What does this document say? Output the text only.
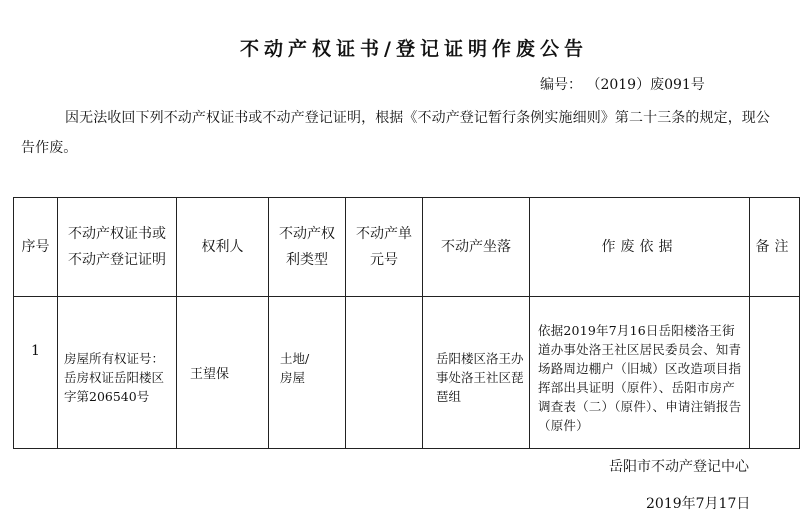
不动产权证书/登记证明作废公告
编号： （2019）废091号
因无法收回下列不动产权证书或不动产登记证明，根据《不动产登记暂行条例实施细则》第二十三条的规定，现公告作废。
序号	不动产权证书或不动产登记证明	权利人	不动产权利类型	不动产单元号	不动产坐落	作废依据	备注
1	房屋所有权证号：岳房权证岳阳楼区字第206540号	王望保	土地/房屋		岳阳楼区洛王办事处洛王社区琵琶组	依据2019年7月16日岳阳楼洛王街道办事处洛王社区居民委员会、知青场路周边棚户（旧城）区改造项目指挥部出具证明（原件）、岳阳市房产调查表（二）（原件）、申请注销报告（原件）	
岳阳市不动产登记中心
2019年7月17日
